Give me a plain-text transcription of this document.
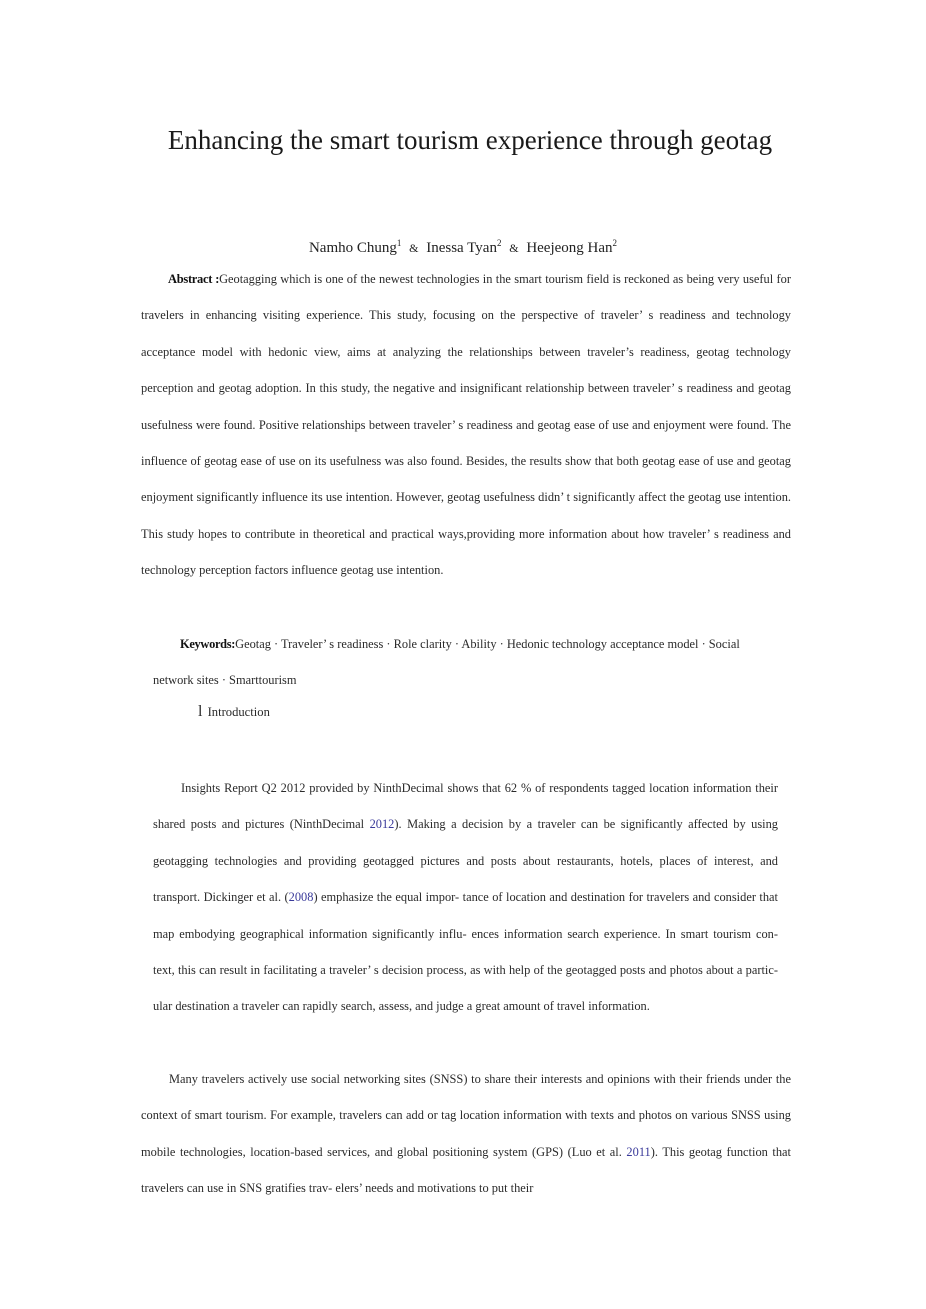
Enhancing the smart tourism experience through geotag
Namho Chung$^1$ & Inessa Tyan$^2$ & Heejeong Han$^2$
Abstract :Geotagging which is one of the newest technologies in the smart tourism field is reckoned as being very useful for travelers in enhancing visiting experience. This study, focusing on the perspective of traveler’ s readiness and technology acceptance model with hedonic view, aims at analyzing the relationships between traveler’s readiness, geotag technology perception and geotag adoption. In this study, the negative and insignificant relationship between traveler’ s readiness and geotag usefulness were found. Positive relationships between traveler’ s readiness and geotag ease of use and enjoyment were found. The influence of geotag ease of use on its usefulness was also found. Besides, the results show that both geotag ease of use and geotag enjoyment significantly influence its use intention. However, geotag usefulness didn’ t significantly affect the geotag use intention. This study hopes to contribute in theoretical and practical ways,providing more information about how traveler’ s readiness and technology perception factors influence geotag use intention.
Keywords:Geotag · Traveler’ s readiness · Role clarity · Ability · Hedonic technology acceptance model · Social network sites · Smarttourism
l Introduction
Insights Report Q2 2012 provided by NinthDecimal shows that 62 % of respondents tagged location information their shared posts and pictures (NinthDecimal 2012). Making a decision by a traveler can be significantly affected by using geotagging technologies and providing geotagged pictures and posts about restaurants, hotels, places of interest, and transport. Dickinger et al. (2008) emphasize the equal impor- tance of location and destination for travelers and consider that map embodying geographical information significantly influ- ences information search experience. In smart tourism con- text, this can result in facilitating a traveler’ s decision process, as with help of the geotagged posts and photos about a partic- ular destination a traveler can rapidly search, assess, and judge a great amount of travel information.
Many travelers actively use social networking sites (SNSS) to share their interests and opinions with their friends under the context of smart tourism. For example, travelers can add or tag location information with texts and photos on various SNSS using mobile technologies, location-based services, and global positioning system (GPS) (Luo et al. 2011). This geotag function that travelers can use in SNS gratifies trav- elers’ needs and motivations to put their
